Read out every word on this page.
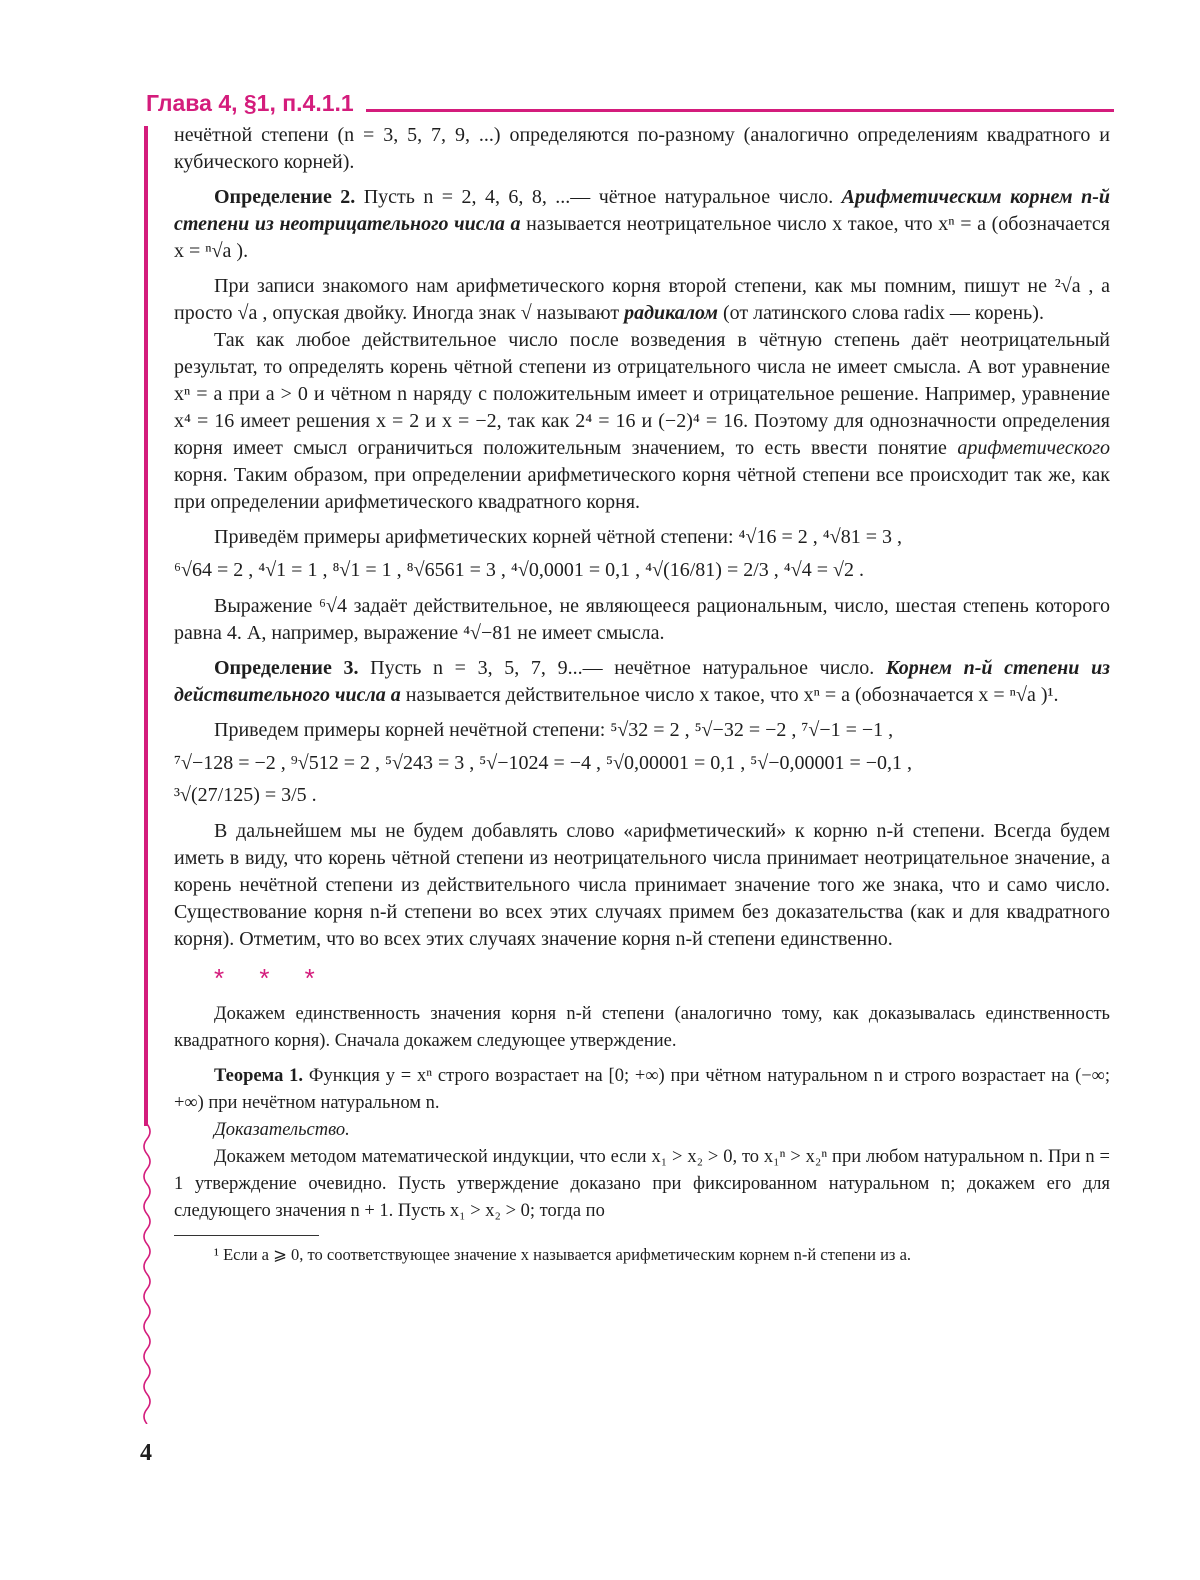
Глава 4, §1, п.4.1.1

нечётной степени (n = 3, 5, 7, 9, ...) определяются по-разному (аналогично определениям квадратного и кубического корней).

Определение 2. Пусть n = 2, 4, 6, 8, ...— чётное натуральное число. Арифметическим корнем n-й степени из неотрицательного числа a называется неотрицательное число x такое, что xⁿ = a (обозначается x = ⁿ√a ).

При записи знакомого нам арифметического корня второй степени, как мы помним, пишут не ²√a , а просто √a , опуская двойку. Иногда знак √ называют радикалом (от латинского слова radix — корень).

Так как любое действительное число после возведения в чётную степень даёт неотрицательный результат, то определять корень чётной степени из отрицательного числа не имеет смысла. А вот уравнение xⁿ = a при a > 0 и чётном n наряду с положительным имеет и отрицательное решение. Например, уравнение x⁴ = 16 имеет решения x = 2 и x = −2, так как 2⁴ = 16 и (−2)⁴ = 16. Поэтому для однозначности определения корня имеет смысл ограничиться положительным значением, то есть ввести понятие арифметического корня. Таким образом, при определении арифметического корня чётной степени все происходит так же, как при определении арифметического квадратного корня.

Приведём примеры арифметических корней чётной степени: ⁴√16 = 2 , ⁴√81 = 3 ,

⁶√64 = 2 , ⁴√1 = 1 , ⁸√1 = 1 , ⁸√6561 = 3 , ⁴√0,0001 = 0,1 , ⁴√(16/81) = 2/3 , ⁴√4 = √2 .

Выражение ⁶√4 задаёт действительное, не являющееся рациональным, число, шестая степень которого равна 4. А, например, выражение ⁴√−81 не имеет смысла.

Определение 3. Пусть n = 3, 5, 7, 9...— нечётное натуральное число. Корнем n-й степени из действительного числа a называется действительное число x такое, что xⁿ = a (обозначается x = ⁿ√a )¹.

Приведем примеры корней нечётной степени: ⁵√32 = 2 , ⁵√−32 = −2 , ⁷√−1 = −1 ,

⁷√−128 = −2 , ⁹√512 = 2 , ⁵√243 = 3 , ⁵√−1024 = −4 , ⁵√0,00001 = 0,1 , ⁵√−0,00001 = −0,1 ,

³√(27/125) = 3/5 .

В дальнейшем мы не будем добавлять слово «арифметический» к корню n-й степени. Всегда будем иметь в виду, что корень чётной степени из неотрицательного числа принимает неотрицательное значение, а корень нечётной степени из действительного числа принимает значение того же знака, что и само число. Существование корня n-й степени во всех этих случаях примем без доказательства (как и для квадратного корня). Отметим, что во всех этих случаях значение корня n-й степени единственно.

* * *

Докажем единственность значения корня n-й степени (аналогично тому, как доказывалась единственность квадратного корня). Сначала докажем следующее утверждение.

Теорема 1. Функция y = xⁿ строго возрастает на [0; +∞) при чётном натуральном n и строго возрастает на (−∞; +∞) при нечётном натуральном n.

Доказательство.

Докажем методом математической индукции, что если x₁ > x₂ > 0, то x₁ⁿ > x₂ⁿ при любом натуральном n. При n = 1 утверждение очевидно. Пусть утверждение доказано при фиксированном натуральном n; докажем его для следующего значения n + 1. Пусть x₁ > x₂ > 0; тогда по

¹ Если a ⩾ 0, то соответствующее значение x называется арифметическим корнем n-й степени из a.

4
